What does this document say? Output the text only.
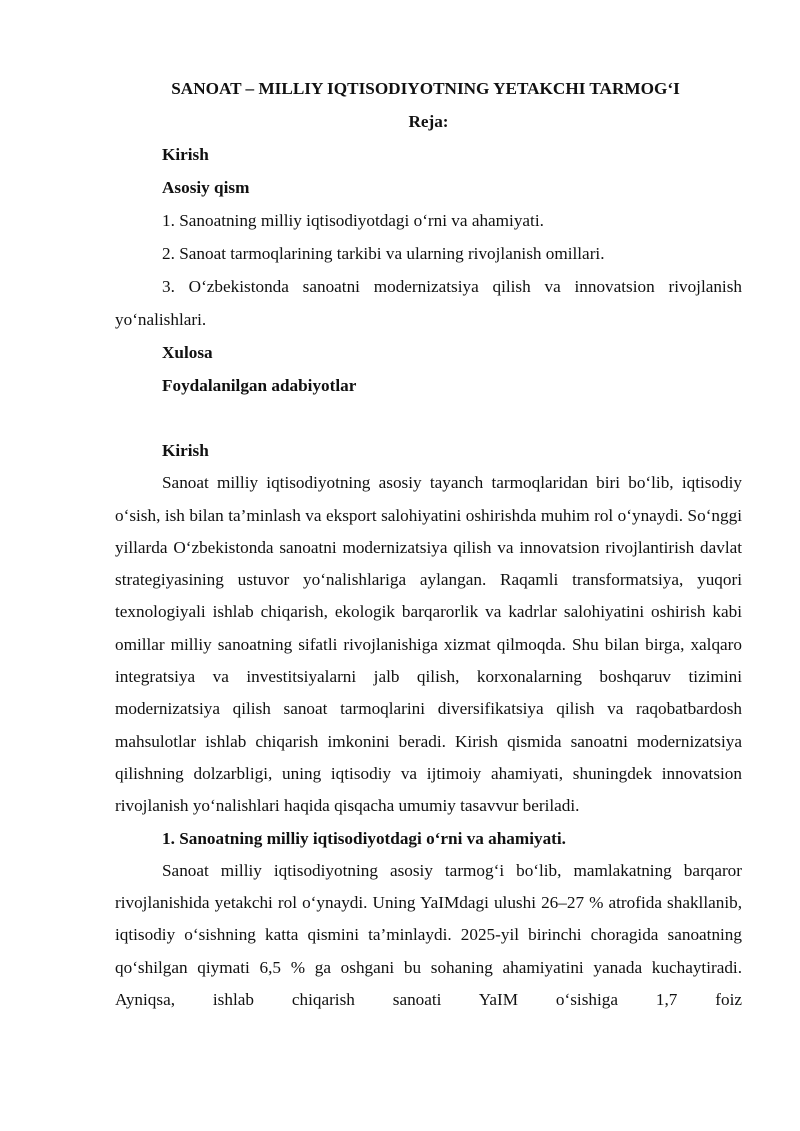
SANOAT – MILLIY IQTISODIYOTNING YETAKCHI TARMOG‘I

Reja:

Kirish

Asosiy qism

1. Sanoatning milliy iqtisodiyotdagi o‘rni va ahamiyati.

2. Sanoat tarmoqlarining tarkibi va ularning rivojlanish omillari.

3. O‘zbekistonda sanoatni modernizatsiya qilish va innovatsion rivojlanish yo‘nalishlari.

Xulosa

Foydalanilgan adabiyotlar

Kirish

Sanoat milliy iqtisodiyotning asosiy tayanch tarmoqlaridan biri bo‘lib, iqtisodiy o‘sish, ish bilan ta’minlash va eksport salohiyatini oshirishda muhim rol o‘ynaydi. So‘nggi yillarda O‘zbekistonda sanoatni modernizatsiya qilish va innovatsion rivojlantirish davlat strategiyasining ustuvor yo‘nalishlariga aylangan. Raqamli transformatsiya, yuqori texnologiyali ishlab chiqarish, ekologik barqarorlik va kadrlar salohiyatini oshirish kabi omillar milliy sanoatning sifatli rivojlanishiga xizmat qilmoqda. Shu bilan birga, xalqaro integratsiya va investitsiyalarni jalb qilish, korxonalarning boshqaruv tizimini modernizatsiya qilish sanoat tarmoqlarini diversifikatsiya qilish va raqobatbardosh mahsulotlar ishlab chiqarish imkonini beradi. Kirish qismida sanoatni modernizatsiya qilishning dolzarbligi, uning iqtisodiy va ijtimoiy ahamiyati, shuningdek innovatsion rivojlanish yo‘nalishlari haqida qisqacha umumiy tasavvur beriladi.

1. Sanoatning milliy iqtisodiyotdagi o‘rni va ahamiyati.

Sanoat milliy iqtisodiyotning asosiy tarmog‘i bo‘lib, mamlakatning barqaror rivojlanishida yetakchi rol o‘ynaydi. Uning YaIMdagi ulushi 26–27 % atrofida shakllanib, iqtisodiy o‘sishning katta qismini ta’minlaydi. 2025-yil birinchi choragida sanoatning qo‘shilgan qiymati 6,5 % ga oshgani bu sohaning ahamiyatini yanada kuchaytiradi. Ayniqsa, ishlab chiqarish sanoati YaIM o‘sishiga 1,7 foiz
